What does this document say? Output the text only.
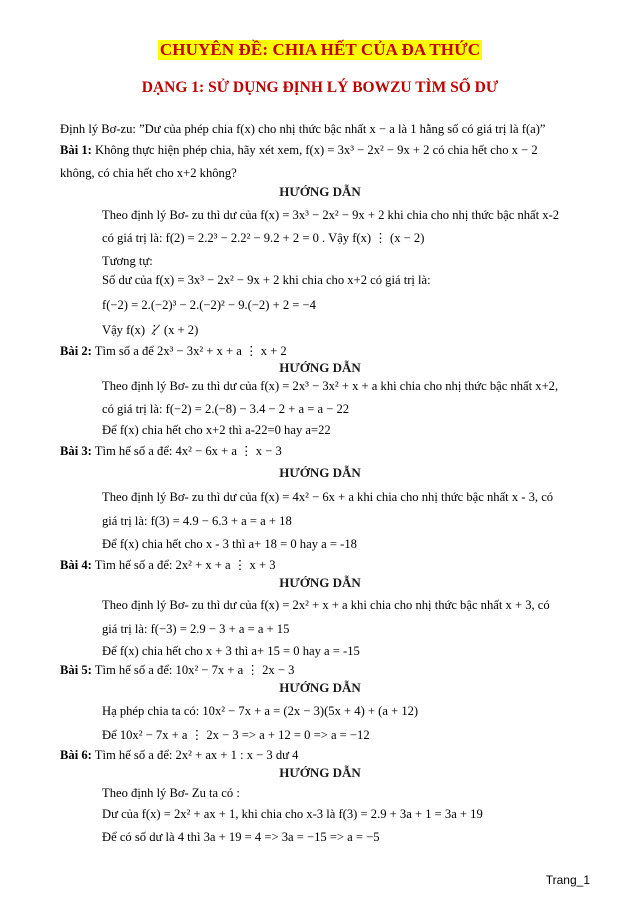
CHUYÊN ĐỀ: CHIA HẾT CỦA ĐA THỨC
DẠNG 1: SỬ DỤNG ĐỊNH LÝ BOWZU TÌM SỐ DƯ
Định lý Bơ-zu: ”Dư của phép chia f(x) cho nhị thức bậc nhất x − a là 1 hằng số có giá trị là f(a)”
Bài 1: Không thực hiện phép chia, hãy xét xem, f(x) = 3x³ − 2x² − 9x + 2 có chia hết cho x − 2
không, có chia hết cho x+2 không?
Theo định lý Bơ- zu thì dư của f(x) = 3x³ − 2x² − 9x + 2 khi chia cho nhị thức bậc nhất x-2
có giá trị là: f(2) = 2.2³ − 2.2² − 9.2 + 2 = 0 . Vậy f(x) ⋮ (x − 2)
Tương tự:
Số dư của f(x) = 3x³ − 2x² − 9x + 2 khi chia cho x+2 có giá trị là:
f(−2) = 2.(−2)³ − 2.(−2)² − 9.(−2) + 2 = −4
Vậy f(x) ⋮̸ (x + 2)
Bài 2: Tìm số a để 2x³ − 3x² + x + a ⋮ x + 2
Theo định lý Bơ- zu thì dư của f(x) = 2x³ − 3x² + x + a khi chia cho nhị thức bậc nhất x+2,
có giá trị là: f(−2) = 2.(−8) − 3.4 − 2 + a = a − 22
Để f(x) chia hết cho x+2 thì a-22=0 hay a=22
Bài 3: Tìm hế số a để: 4x² − 6x + a ⋮ x − 3
Theo định lý Bơ- zu thì dư của f(x) = 4x² − 6x + a khi chia cho nhị thức bậc nhất x - 3, có
giá trị là: f(3) = 4.9 − 6.3 + a = a + 18
Để f(x) chia hết cho x - 3 thì a+ 18 = 0 hay a = -18
Bài 4: Tìm hế số a để: 2x² + x + a ⋮ x + 3
Theo định lý Bơ- zu thì dư của f(x) = 2x² + x + a khi chia cho nhị thức bậc nhất x + 3, có
giá trị là: f(−3) = 2.9 − 3 + a = a + 15
Để f(x) chia hết cho x + 3 thì a+ 15 = 0 hay a = -15
Bài 5: Tìm hế số a để: 10x² − 7x + a ⋮ 2x − 3
Hạ phép chia ta có: 10x² − 7x + a = (2x − 3)(5x + 4) + (a + 12)
Để 10x² − 7x + a ⋮ 2x − 3 => a + 12 = 0 => a = −12
Bài 6: Tìm hế số a để: 2x² + ax + 1 : x − 3 dư 4
Theo định lý Bơ- Zu ta có :
Dư của f(x) = 2x² + ax + 1, khi chia cho x-3 là f(3) = 2.9 + 3a + 1 = 3a + 19
Để có số dư là 4 thì 3a + 19 = 4 => 3a = −15 => a = −5
HƯỚNG DẪN
HƯỚNG DẪN
HƯỚNG DẪN
HƯỚNG DẪN
HƯỚNG DẪN
HƯỚNG DẪN
Trang_1
